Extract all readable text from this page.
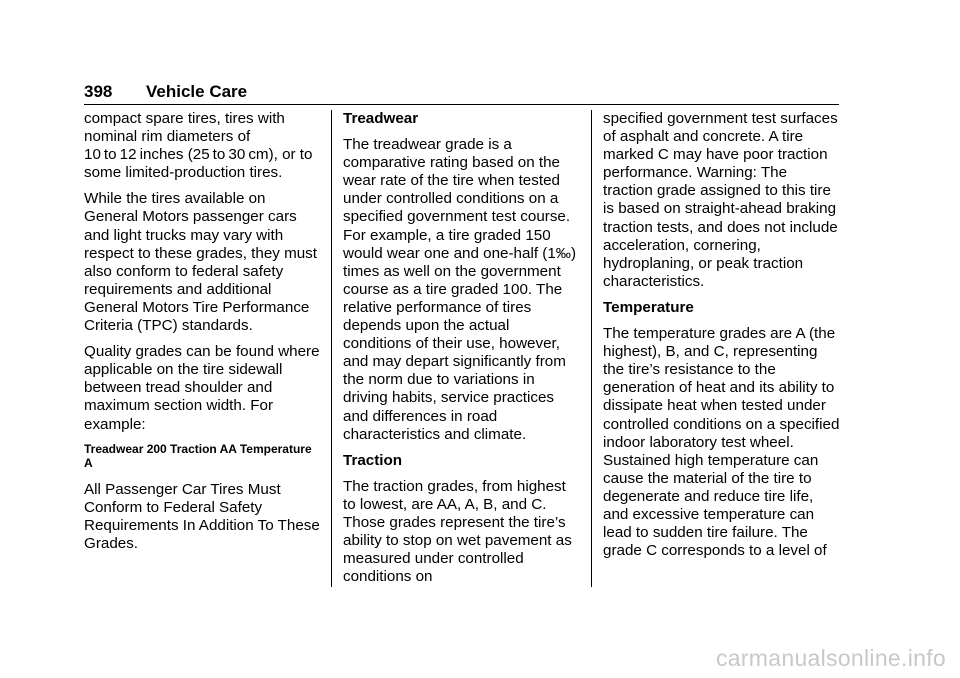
398 Vehicle Care

compact spare tires, tires with nominal rim diameters of 10 to 12 inches (25 to 30 cm), or to some limited-production tires.

While the tires available on General Motors passenger cars and light trucks may vary with respect to these grades, they must also conform to federal safety requirements and additional General Motors Tire Performance Criteria (TPC) standards.

Quality grades can be found where applicable on the tire sidewall between tread shoulder and maximum section width. For example:

Treadwear 200 Traction AA Temperature A

All Passenger Car Tires Must Conform to Federal Safety Requirements In Addition To These Grades.

Treadwear

The treadwear grade is a comparative rating based on the wear rate of the tire when tested under controlled conditions on a specified government test course. For example, a tire graded 150 would wear one and one-half (1‰) times as well on the government course as a tire graded 100. The relative performance of tires depends upon the actual conditions of their use, however, and may depart significantly from the norm due to variations in driving habits, service practices and differences in road characteristics and climate.

Traction

The traction grades, from highest to lowest, are AA, A, B, and C. Those grades represent the tire’s ability to stop on wet pavement as measured under controlled conditions on

specified government test surfaces of asphalt and concrete. A tire marked C may have poor traction performance. Warning: The traction grade assigned to this tire is based on straight-ahead braking traction tests, and does not include acceleration, cornering, hydroplaning, or peak traction characteristics.

Temperature

The temperature grades are A (the highest), B, and C, representing the tire’s resistance to the generation of heat and its ability to dissipate heat when tested under controlled conditions on a specified indoor laboratory test wheel. Sustained high temperature can cause the material of the tire to degenerate and reduce tire life, and excessive temperature can lead to sudden tire failure. The grade C corresponds to a level of

carmanualsonline.info
